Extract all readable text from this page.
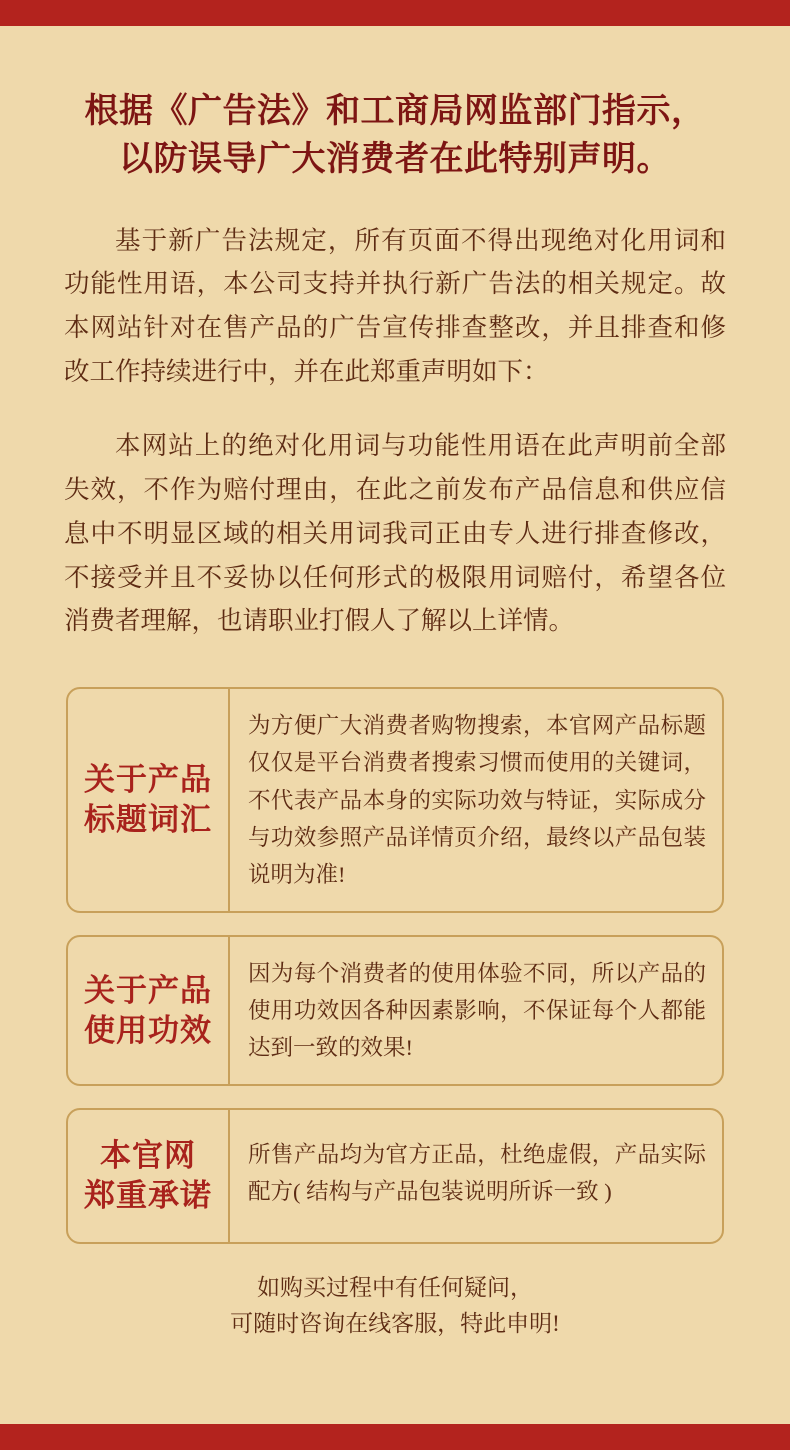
根据《广告法》和工商局网监部门指示，
以防误导广大消费者在此特别声明。

基于新广告法规定，所有页面不得出现绝对化用词和功能性用语，本公司支持并执行新广告法的相关规定。故本网站针对在售产品的广告宣传排查整改，并且排查和修改工作持续进行中，并在此郑重声明如下：

本网站上的绝对化用词与功能性用语在此声明前全部失效，不作为赔付理由，在此之前发布产品信息和供应信息中不明显区域的相关用词我司正由专人进行排查修改，不接受并且不妥协以任何形式的极限用词赔付，希望各位消费者理解，也请职业打假人了解以上详情。

关于产品
标题词汇
为方便广大消费者购物搜索，本官网产品标题仅仅是平台消费者搜索习惯而使用的关键词，不代表产品本身的实际功效与特证，实际成分与功效参照产品详情页介绍，最终以产品包装说明为准!
关于产品
使用功效
因为每个消费者的使用体验不同，所以产品的使用功效因各种因素影响，不保证每个人都能达到一致的效果!
本官网
郑重承诺
所售产品均为官方正品，杜绝虚假，产品实际配方( 结构与产品包装说明所诉一致 )
如购买过程中有任何疑问，
可随时咨询在线客服，特此申明!
